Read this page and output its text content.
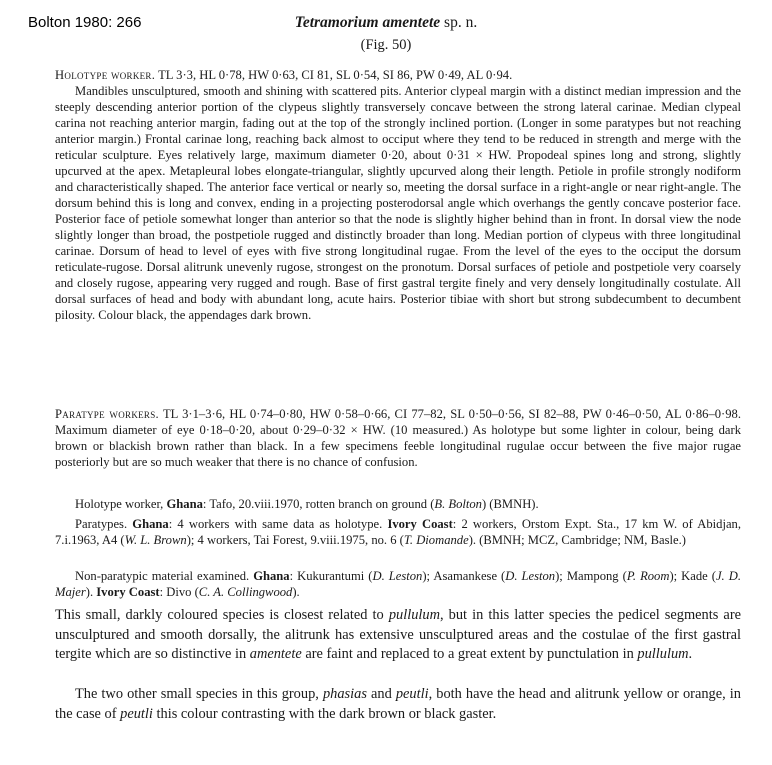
Bolton 1980: 266	Tetramorium amentete sp. n.
(Fig. 50)

Holotype worker. TL 3·3, HL 0·78, HW 0·63, CI 81, SL 0·54, SI 86, PW 0·49, AL 0·94.
Mandibles unsculptured, smooth and shining with scattered pits. Anterior clypeal margin with a distinct median impression and the steeply descending anterior portion of the clypeus slightly transversely concave between the strong lateral carinae. Median clypeal carina not reaching anterior margin, fading out at the top of the strongly inclined portion. (Longer in some paratypes but not reaching anterior margin.) Frontal carinae long, reaching back almost to occiput where they tend to be reduced in strength and merge with the reticular sculpture. Eyes relatively large, maximum diameter 0·20, about 0·31 × HW. Propodeal spines long and strong, slightly upcurved at the apex. Metapleural lobes elongate-triangular, slightly upcurved along their length. Petiole in profile strongly nodiform and characteristically shaped. The anterior face vertical or nearly so, meeting the dorsal surface in a right-angle or near right-angle. The dorsum behind this is long and convex, ending in a projecting posterodorsal angle which overhangs the gently concave posterior face. Posterior face of petiole somewhat longer than anterior so that the node is slightly higher behind than in front. In dorsal view the node slightly longer than broad, the postpetiole rugged and distinctly broader than long. Median portion of clypeus with three longitudinal carinae. Dorsum of head to level of eyes with five strong longitudinal rugae. From the level of the eyes to the occiput the dorsum reticulate-rugose. Dorsal alitrunk unevenly rugose, strongest on the pronotum. Dorsal surfaces of petiole and postpetiole very coarsely and closely rugose, appearing very rugged and rough. Base of first gastral tergite finely and very densely longitudinally costulate. All dorsal surfaces of head and body with abundant long, acute hairs. Posterior tibiae with short but strong subdecumbent to decumbent pilosity. Colour black, the appendages dark brown.

Paratype workers. TL 3·1–3·6, HL 0·74–0·80, HW 0·58–0·66, CI 77–82, SL 0·50–0·56, SI 82–88, PW 0·46–0·50, AL 0·86–0·98. Maximum diameter of eye 0·18–0·20, about 0·29–0·32 × HW. (10 measured.) As holotype but some lighter in colour, being dark brown or blackish brown rather than black. In a few specimens feeble longitudinal rugulae occur between the five major rugae posteriorly but are so much weaker that there is no chance of confusion.

Holotype worker, Ghana: Tafo, 20.viii.1970, rotten branch on ground (B. Bolton) (BMNH).

Paratypes. Ghana: 4 workers with same data as holotype. Ivory Coast: 2 workers, Orstom Expt. Sta., 17 km W. of Abidjan, 7.i.1963, A4 (W. L. Brown); 4 workers, Tai Forest, 9.viii.1975, no. 6 (T. Diomande). (BMNH; MCZ, Cambridge; NM, Basle.)

Non-paratypic material examined. Ghana: Kukurantumi (D. Leston); Asamankese (D. Leston); Mampong (P. Room); Kade (J. D. Majer). Ivory Coast: Divo (C. A. Collingwood).

This small, darkly coloured species is closest related to pullulum, but in this latter species the pedicel segments are unsculptured and smooth dorsally, the alitrunk has extensive unsculptured areas and the costulae of the first gastral tergite which are so distinctive in amentete are faint and replaced to a great extent by punctulation in pullulum.

The two other small species in this group, phasias and peutli, both have the head and alitrunk yellow or orange, in the case of peutli this colour contrasting with the dark brown or black gaster.
